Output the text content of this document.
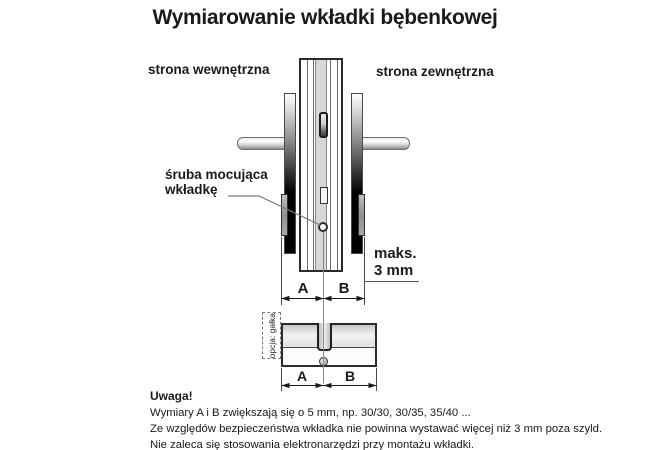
Wymiarowanie wkładki bębenkowej
strona wewnętrzna	strona zewnętrzna
śruba mocująca
wkładkę
maks.
3 mm
A B
opcja: gałka
A	B
Uwaga!
Wymiary A i B zwiększają się o 5 mm, np. 30/30, 30/35, 35/40 ...
Ze względów bezpieczeństwa wkładka nie powinna wystawać więcej niż 3 mm poza szyld.
Nie zaleca się stosowania elektronarzędzi przy montażu wkładki.
